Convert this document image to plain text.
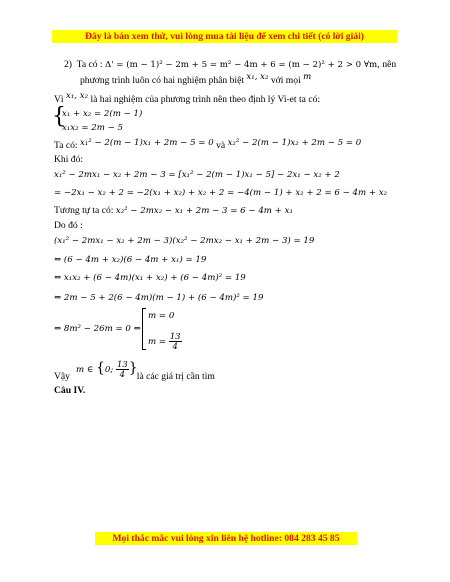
Đây là bản xem thử, vui lòng mua tài liệu để xem chi tiết (có lời giải)
2) Ta có : Δ' = (m − 1)² − 2m + 5 = m² − 4m + 6 = (m − 2)² + 2 > 0 ∀m, nên
phương trình luôn có hai nghiệm phân biệt x₁, x₂ với mọi m
Vì x₁, x₂ là hai nghiệm của phương trình nên theo định lý Vi-et ta có:
{
x₁ + x₂ = 2(m − 1)
x₁x₂ = 2m − 5
Ta có: x₁² − 2(m − 1)x₁ + 2m − 5 = 0 và x₂² − 2(m − 1)x₂ + 2m − 5 = 0
Khi đó:
x₁² − 2mx₁ − x₂ + 2m − 3 = [x₁² − 2(m − 1)x₁ − 5] − 2x₁ − x₂ + 2
= −2x₁ − x₂ + 2 = −2(x₁ + x₂) + x₂ + 2 = −4(m − 1) + x₂ + 2 = 6 − 4m + x₂
Tương tự ta có: x₂² − 2mx₂ − x₁ + 2m − 3 = 6 − 4m + x₁
Do đó :
(x₁² − 2mx₁ − x₂ + 2m − 3)(x₂² − 2mx₂ − x₁ + 2m − 3) = 19
⇔ (6 − 4m + x₂)(6 − 4m + x₁) = 19
⇔ x₁x₂ + (6 − 4m)(x₁ + x₂) + (6 − 4m)² = 19
⇔ 2m − 5 + 2(6 − 4m)(m − 1) + (6 − 4m)² = 19
⇔ 8m² − 26m = 0 ⇔
m = 0
$m = \frac{13}{4}$
m ∈ {0; $\frac{13}{4}$ }
Vậy	là các giá trị cần tìm
Câu IV.
Mọi thắc mắc vui lòng xin liên hệ hotline: 084 283 45 85
